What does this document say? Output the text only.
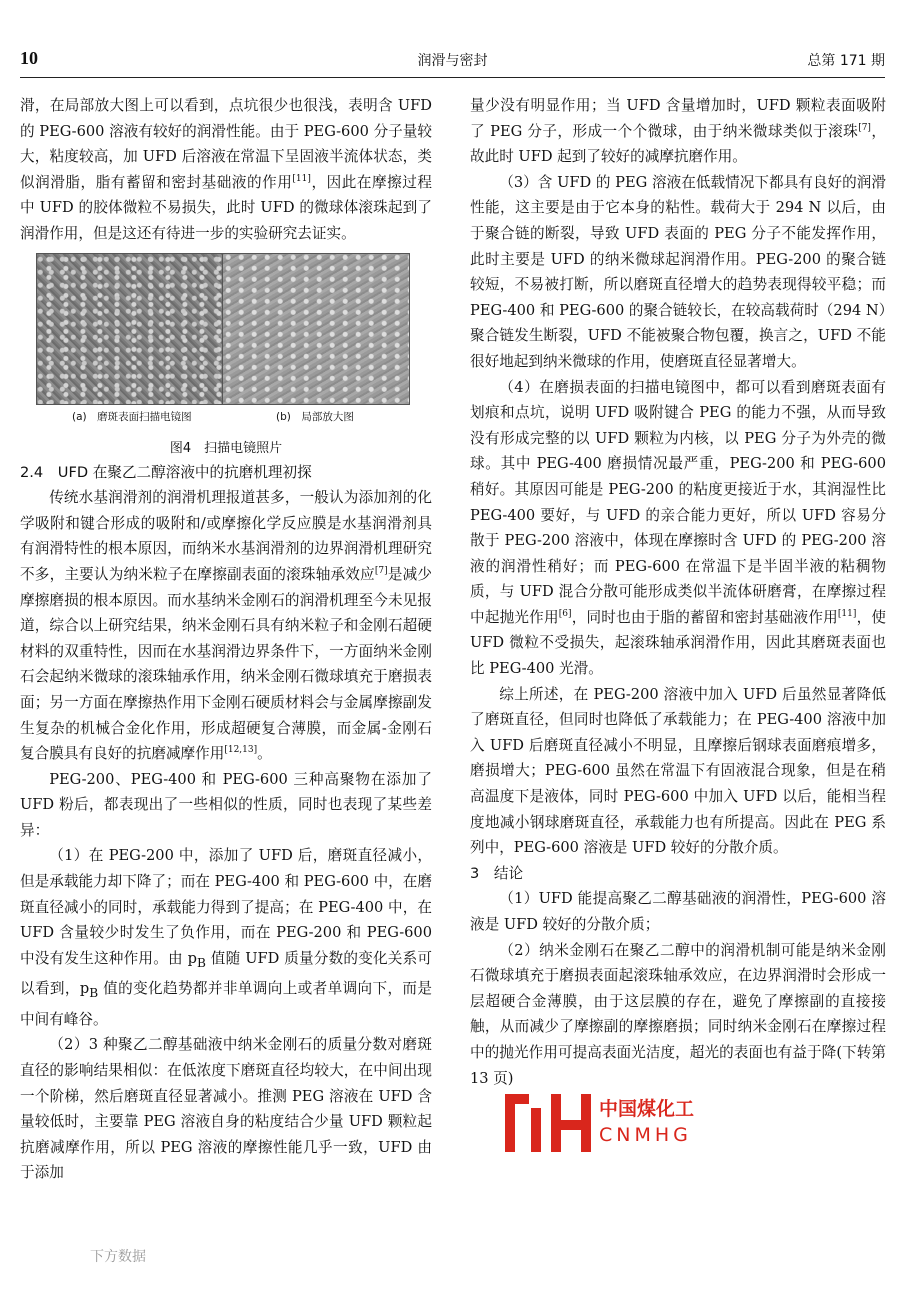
10	润滑与密封	总第 171 期

滑，在局部放大图上可以看到，点坑很少也很浅，表明含 UFD 的 PEG-600 溶液有较好的润滑性能。由于 PEG-600 分子量较大，粘度较高，加 UFD 后溶液在常温下呈固液半流体状态，类似润滑脂，脂有蓄留和密封基础液的作用[11]，因此在摩擦过程中 UFD 的胶体微粒不易损失，此时 UFD 的微球体滚珠起到了润滑作用，但是这还有待进一步的实验研究去证实。

(a)　磨斑表面扫描电镜图	(b)　局部放大图

图4　扫描电镜照片

2.4　UFD 在聚乙二醇溶液中的抗磨机理初探

传统水基润滑剂的润滑机理报道甚多，一般认为添加剂的化学吸附和键合形成的吸附和/或摩擦化学反应膜是水基润滑剂具有润滑特性的根本原因，而纳米水基润滑剂的边界润滑机理研究不多，主要认为纳米粒子在摩擦副表面的滚珠轴承效应[7]是减少摩擦磨损的根本原因。而水基纳米金刚石的润滑机理至今未见报道，综合以上研究结果，纳米金刚石具有纳米粒子和金刚石超硬材料的双重特性，因而在水基润滑边界条件下，一方面纳米金刚石会起纳米微球的滚珠轴承作用，纳米金刚石微球填充于磨损表面；另一方面在摩擦热作用下金刚石硬质材料会与金属摩擦副发生复杂的机械合金化作用，形成超硬复合薄膜，而金属-金刚石复合膜具有良好的抗磨减摩作用[12,13]。

PEG-200、PEG-400 和 PEG-600 三种高聚物在添加了 UFD 粉后，都表现出了一些相似的性质，同时也表现了某些差异：

（1）在 PEG-200 中，添加了 UFD 后，磨斑直径减小，但是承载能力却下降了；而在 PEG-400 和 PEG-600 中，在磨斑直径减小的同时，承载能力得到了提高；在 PEG-400 中，在 UFD 含量较少时发生了负作用，而在 PEG-200 和 PEG-600 中没有发生这种作用。由 $p_B$ 值随 UFD 质量分数的变化关系可以看到，$p_B$ 值的变化趋势都并非单调向上或者单调向下，而是中间有峰谷。

（2）3 种聚乙二醇基础液中纳米金刚石的质量分数对磨斑直径的影响结果相似：在低浓度下磨斑直径均较大，在中间出现一个阶梯，然后磨斑直径显著减小。推测 PEG 溶液在 UFD 含量较低时，主要靠 PEG 溶液自身的粘度结合少量 UFD 颗粒起抗磨减摩作用，所以 PEG 溶液的摩擦性能几乎一致，UFD 由于添加

量少没有明显作用；当 UFD 含量增加时，UFD 颗粒表面吸附了 PEG 分子，形成一个个微球，由于纳米微球类似于滚珠[7]，故此时 UFD 起到了较好的减摩抗磨作用。

（3）含 UFD 的 PEG 溶液在低载情况下都具有良好的润滑性能，这主要是由于它本身的粘性。载荷大于 294 N 以后，由于聚合链的断裂，导致 UFD 表面的 PEG 分子不能发挥作用，此时主要是 UFD 的纳米微球起润滑作用。PEG-200 的聚合链较短，不易被打断，所以磨斑直径增大的趋势表现得较平稳；而 PEG-400 和 PEG-600 的聚合链较长，在较高载荷时（294 N）聚合链发生断裂，UFD 不能被聚合物包覆，换言之，UFD 不能很好地起到纳米微球的作用，使磨斑直径显著增大。

（4）在磨损表面的扫描电镜图中，都可以看到磨斑表面有划痕和点坑，说明 UFD 吸附键合 PEG 的能力不强，从而导致没有形成完整的以 UFD 颗粒为内核，以 PEG 分子为外壳的微球。其中 PEG-400 磨损情况最严重，PEG-200 和 PEG-600 稍好。其原因可能是 PEG-200 的粘度更接近于水，其润湿性比 PEG-400 要好，与 UFD 的亲合能力更好，所以 UFD 容易分散于 PEG-200 溶液中，体现在摩擦时含 UFD 的 PEG-200 溶液的润滑性稍好；而 PEG-600 在常温下是半固半液的粘稠物质，与 UFD 混合分散可能形成类似半流体研磨膏，在摩擦过程中起抛光作用[6]，同时也由于脂的蓄留和密封基础液作用[11]，使 UFD 微粒不受损失，起滚珠轴承润滑作用，因此其磨斑表面也比 PEG-400 光滑。

综上所述，在 PEG-200 溶液中加入 UFD 后虽然显著降低了磨斑直径，但同时也降低了承载能力；在 PEG-400 溶液中加入 UFD 后磨斑直径减小不明显，且摩擦后钢球表面磨痕增多，磨损增大；PEG-600 虽然在常温下有固液混合现象，但是在稍高温度下是液体，同时 PEG-600 中加入 UFD 以后，能相当程度地减小钢球磨斑直径，承载能力也有所提高。因此在 PEG 系列中，PEG-600 溶液是 UFD 较好的分散介质。

3　结论

（1）UFD 能提高聚乙二醇基础液的润滑性，PEG-600 溶液是 UFD 较好的分散介质；

（2）纳米金刚石在聚乙二醇中的润滑机制可能是纳米金刚石微球填充于磨损表面起滚珠轴承效应，在边界润滑时会形成一层超硬合金薄膜，由于这层膜的存在，避免了摩擦副的直接接触，从而减少了摩擦副的摩擦磨损；同时纳米金刚石在摩擦过程中的抛光作用可提高表面光洁度，超光的表面也有益于降(下转第 13 页)

中国煤化工
CNMHG
下方数据
